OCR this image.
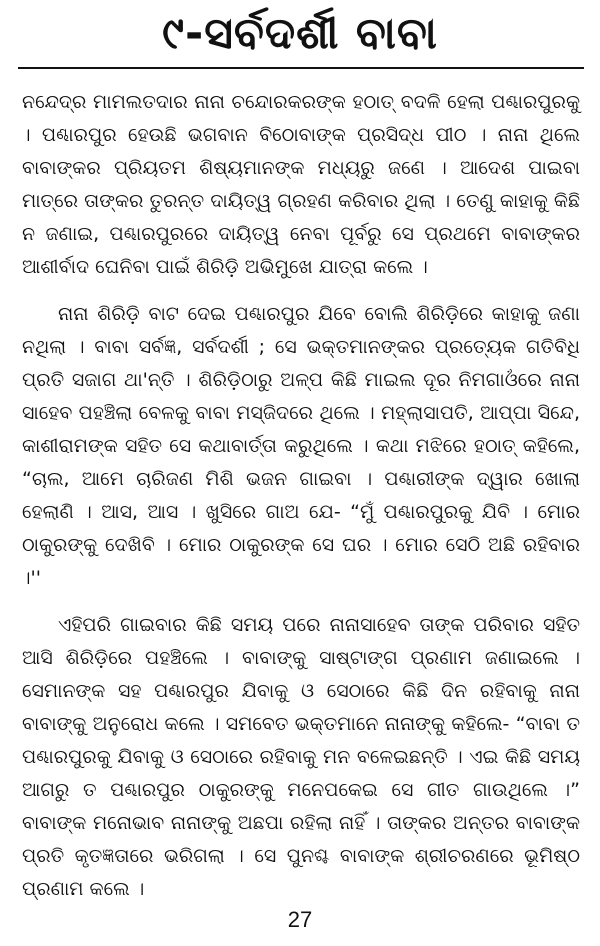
୯-ସର୍ବଦର୍ଶୀ ବାବା

ନନ୍ଦେଦ୍‌ର ମାମଲତଦାର ନାନା ଚନ୍ଦୋରକରଙ୍କ ହଠାତ୍ ବଦଳି ହେଲା ପଣ୍ଢାରପୁରକୁ । ପଣ୍ଢାରପୁର ହେଉଛି ଭଗବାନ ବିଠୋବାଙ୍କ ପ୍ରସିଦ୍ଧ ପୀଠ । ନାନା ଥିଲେ ବାବାଙ୍କର ପ୍ରିୟତମ ଶିଷ୍ୟମାନଙ୍କ ମଧ୍ୟରୁ ଜଣେ । ଆଦେଶ ପାଇବା ମାତ୍ରେ ତାଙ୍କର ତୁରନ୍ତ ଦାୟିତ୍ୱ ଗ୍ରହଣ କରିବାର ଥିଲା । ତେଣୁ କାହାକୁ କିଛି ନ ଜଣାଇ, ପଣ୍ଢାରପୁରରେ ଦାୟିତ୍ୱ ନେବା ପୂର୍ବରୁ ସେ ପ୍ରଥମେ ବାବାଙ୍କର ଆଶୀର୍ବାଦ ଘେନିବା ପାଇଁ ଶିରିଡ଼ି ଅଭିମୁଖେ ଯାତ୍ରା କଲେ ।

ନାନା ଶିରିଡ଼ି ବାଟ ଦେଇ ପଣ୍ଢାରପୁର ଯିବେ ବୋଲି ଶିରିଡ଼ିରେ କାହାକୁ ଜଣା ନଥିଲା । ବାବା ସର୍ବଜ୍ଞ, ସର୍ବଦର୍ଶୀ ; ସେ ଭକ୍ତମାନଙ୍କର ପ୍ରତ୍ୟେକ ଗତିବିଧି ପ୍ରତି ସଜାଗ ଥା'ନ୍ତି । ଶିରିଡ଼ିଠାରୁ ଅଳ୍ପ କିଛି ମାଇଲ ଦୂର ନିମଗାଓଁରେ ନାନା ସାହେବ ପହଞ୍ଚିଲା ବେଳକୁ ବାବା ମସ୍‌ଜିଦରେ ଥିଲେ । ମହ୍ଲାସାପତି, ଆପ୍ପା ସିନ୍ଦେ, କାଶୀରାମଙ୍କ ସହିତ ସେ କଥାବାର୍ତ୍ତା କରୁଥିଲେ । କଥା ମଝିରେ ହଠାତ୍ କହିଲେ, “ଚାଲ, ଆମେ ଚାରିଜଣ ମିଶି ଭଜନ ଗାଇବା । ପଣ୍ଢାରୀଙ୍କ ଦ୍ୱାର ଖୋଲା ହେଲାଣି । ଆସ, ଆସ । ଖୁସିରେ ଗାଅ ଯେ- “ମୁଁ ପଣ୍ଢାରପୁରକୁ ଯିବି । ମୋର ଠାକୁରଙ୍କୁ ଦେଖିବି । ମୋର ଠାକୁରଙ୍କ ସେ ଘର । ମୋର ସେଠି ଅଛି ରହିବାର ।''

ଏହିପରି ଗାଇବାର କିଛି ସମୟ ପରେ ନାନାସାହେବ ତାଙ୍କ ପରିବାର ସହିତ ଆସି ଶିରିଡ଼ିରେ ପହଞ୍ଚିଲେ । ବାବାଙ୍କୁ ସାଷ୍ଟାଙ୍ଗ ପ୍ରଣାମ ଜଣାଇଲେ । ସେମାନଙ୍କ ସହ ପଣ୍ଢାରପୁର ଯିବାକୁ ଓ ସେଠାରେ କିଛି ଦିନ ରହିବାକୁ ନାନା ବାବାଙ୍କୁ ଅନୁରୋଧ କଲେ । ସମବେତ ଭକ୍ତମାନେ ନାନାଙ୍କୁ କହିଲେ- “ବାବା ତ ପଣ୍ଢାରପୁରକୁ ଯିବାକୁ ଓ ସେଠାରେ ରହିବାକୁ ମନ ବଳେଇଛନ୍ତି । ଏଇ କିଛି ସମୟ ଆଗରୁ ତ ପଣ୍ଢାରପୁର ଠାକୁରଙ୍କୁ ମନେପକେଇ ସେ ଗୀତ ଗାଉଥିଲେ ।” ବାବାଙ୍କ ମନୋଭାବ ନାନାଙ୍କୁ ଅଛପା ରହିଲା ନାହିଁ । ତାଙ୍କର ଅନ୍ତର ବାବାଙ୍କ ପ୍ରତି କୃତଜ୍ଞତାରେ ଭରିଗଲା । ସେ ପୁନଶ୍ଚ ବାବାଙ୍କ ଶ୍ରୀଚରଣରେ ଭୂମିଷ୍ଠ ପ୍ରଣାମ କଲେ ।

27
